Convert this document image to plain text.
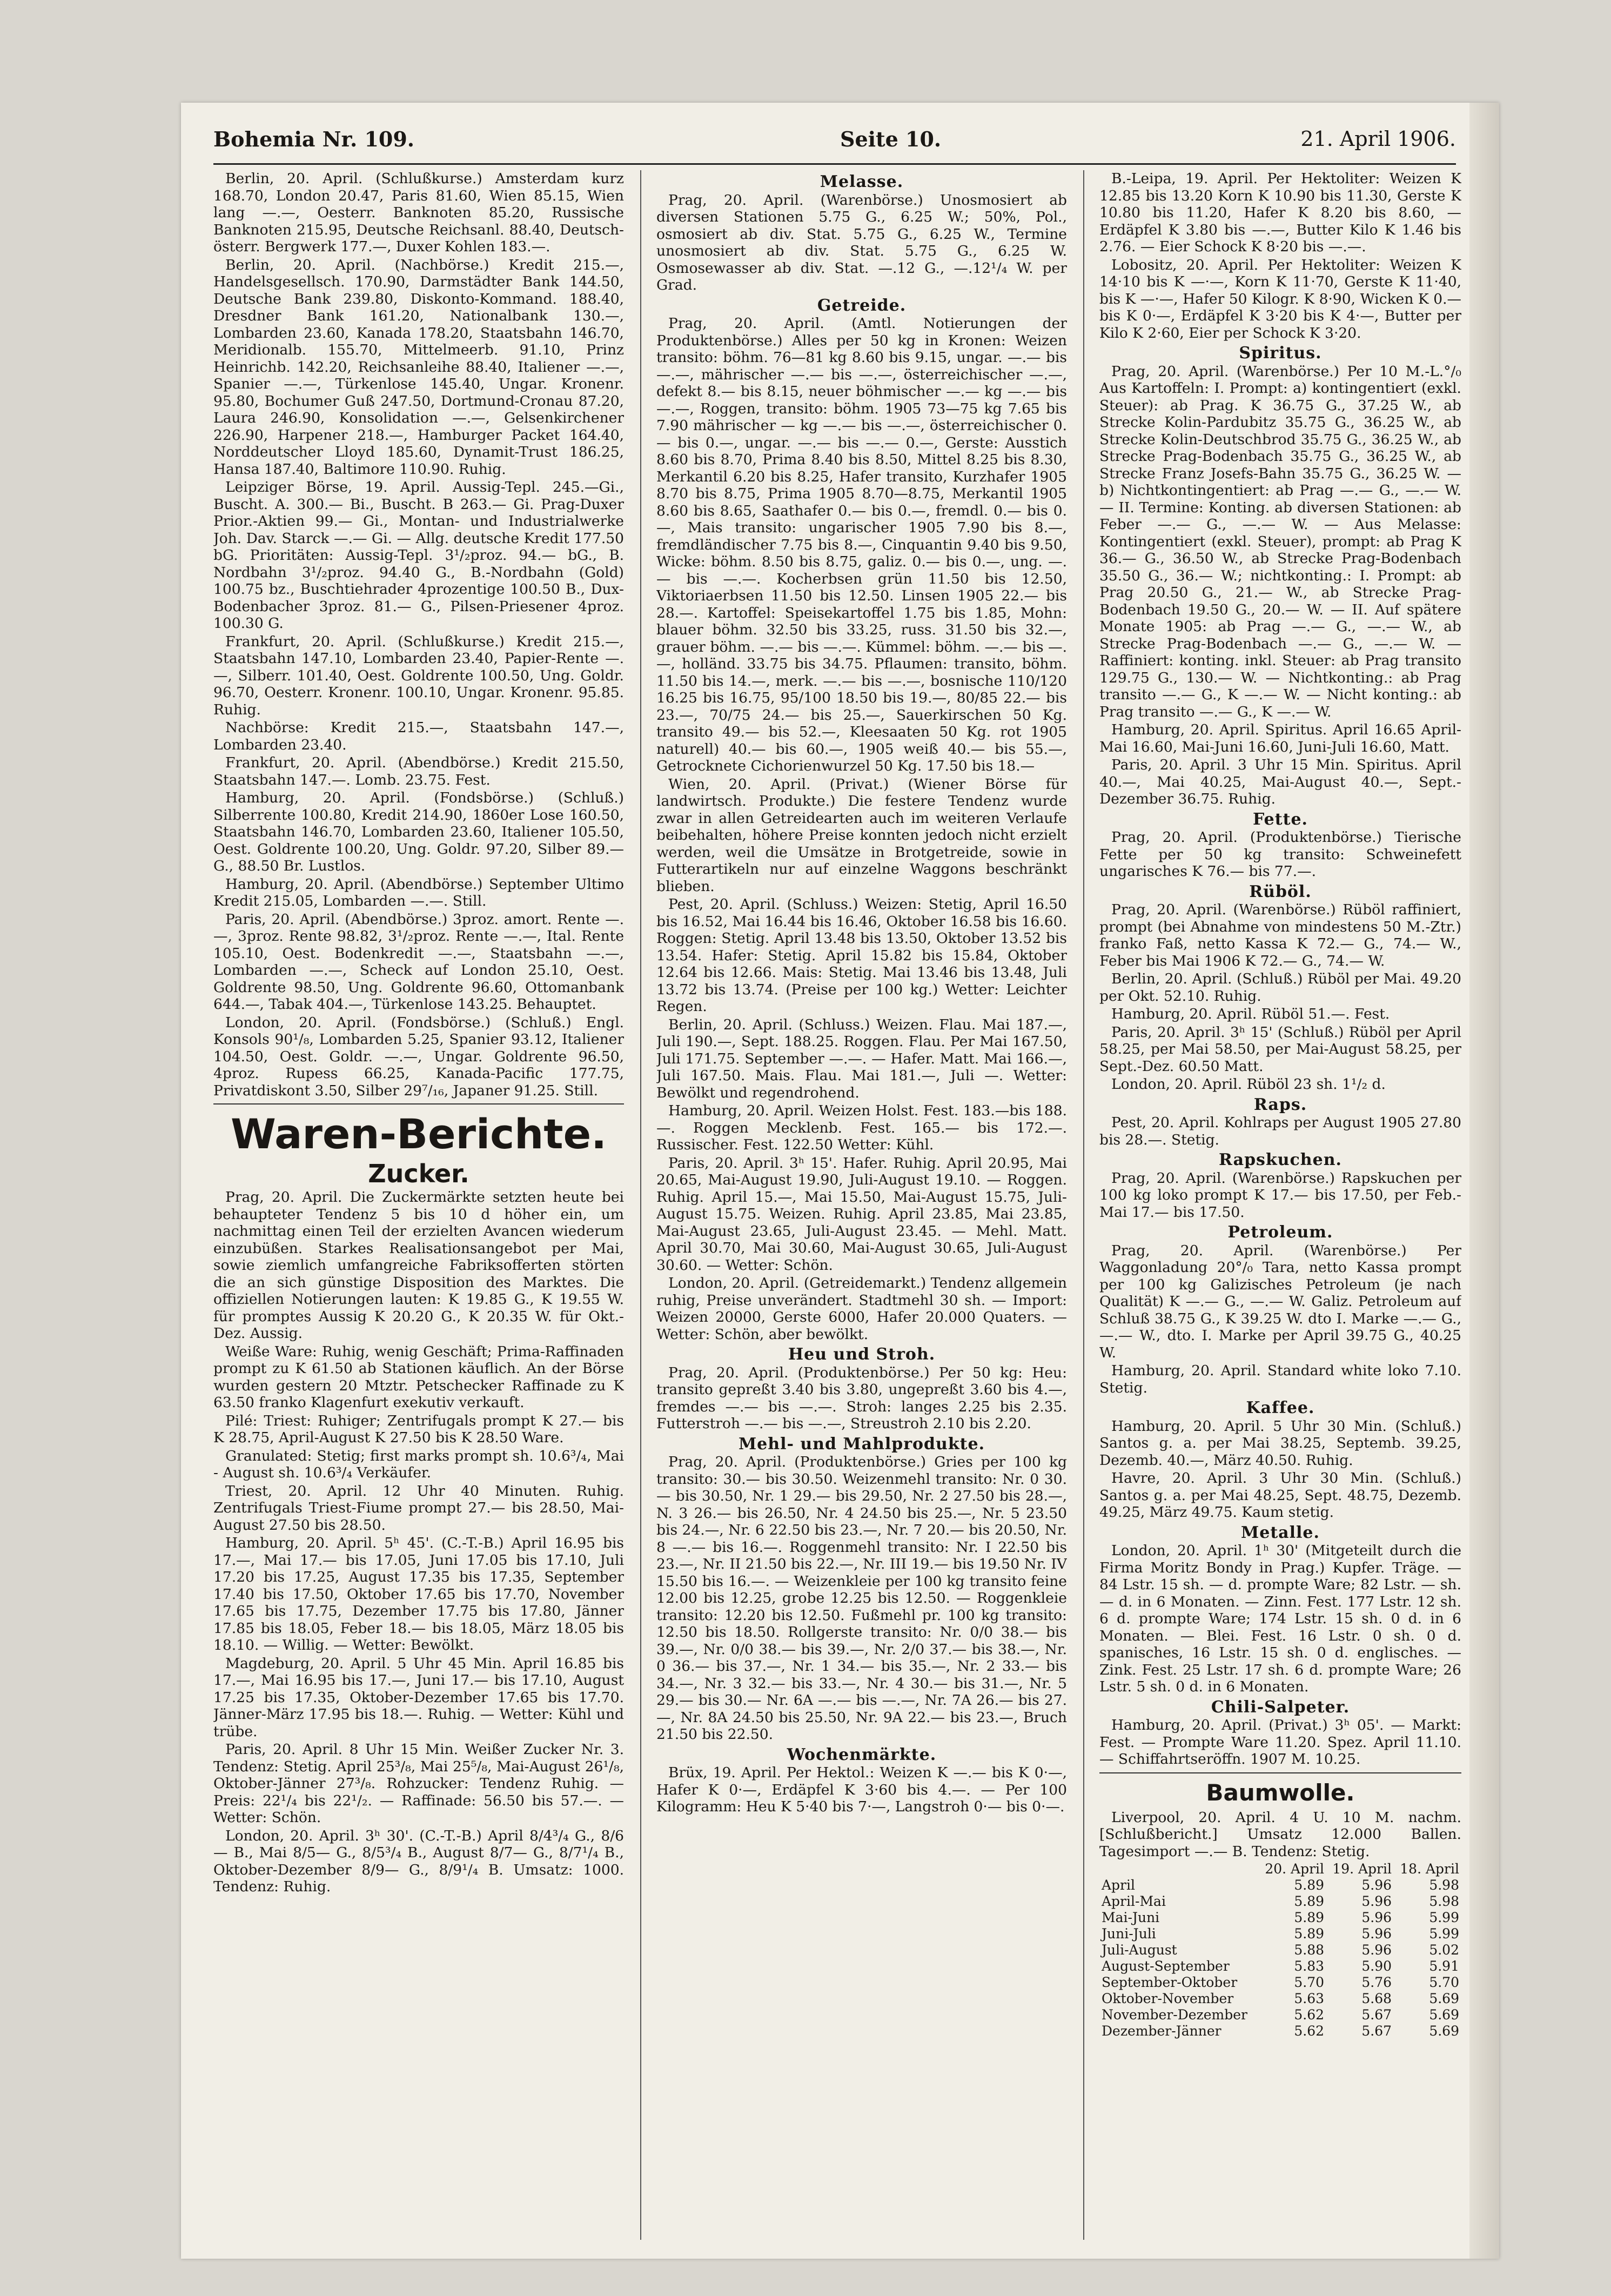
Bohemia Nr. 109.	Seite 10.	21. April 1906.

Berlin, 20. April. (Schlußkurse.) Amsterdam kurz 168.70, London 20.47, Paris 81.60, Wien 85.15, Wien lang —.—, Oesterr. Banknoten 85.20, Russische Banknoten 215.95, Deutsche Reichsanl. 88.40, Deutsch-österr. Bergwerk 177.—, Duxer Kohlen 183.—.

Berlin, 20. April. (Nachbörse.) Kredit 215.—, Handelsgesellsch. 170.90, Darmstädter Bank 144.50, Deutsche Bank 239.80, Diskonto-Kommand. 188.40, Dresdner Bank 161.20, Nationalbank 130.—, Lombarden 23.60, Kanada 178.20, Staatsbahn 146.70, Meridionalb. 155.70, Mittelmeerb. 91.10, Prinz Heinrichb. 142.20, Reichsanleihe 88.40, Italiener —.—, Spanier —.—, Türkenlose 145.40, Ungar. Kronenr. 95.80, Bochumer Guß 247.50, Dortmund-Cronau 87.20, Laura 246.90, Konsolidation —.—, Gelsenkirchener 226.90, Harpener 218.—, Hamburger Packet 164.40, Norddeutscher Lloyd 185.60, Dynamit-Trust 186.25, Hansa 187.40, Baltimore 110.90. Ruhig.

Leipziger Börse, 19. April. Aussig-Tepl. 245.—Gi., Buscht. A. 300.— Bi., Buscht. B 263.— Gi. Prag-Duxer Prior.-Aktien 99.— Gi., Montan- und Industrialwerke Joh. Dav. Starck —.— Gi. — Allg. deutsche Kredit 177.50 bG. Prioritäten: Aussig-Tepl. 3¹/₂proz. 94.— bG., B. Nordbahn 3¹/₂proz. 94.40 G., B.-Nordbahn (Gold) 100.75 bz., Buschtiehrader 4prozentige 100.50 B., Dux-Bodenbacher 3proz. 81.— G., Pilsen-Priesener 4proz. 100.30 G.

Frankfurt, 20. April. (Schlußkurse.) Kredit 215.—, Staatsbahn 147.10, Lombarden 23.40, Papier-Rente —.—, Silberr. 101.40, Oest. Goldrente 100.50, Ung. Goldr. 96.70, Oesterr. Kronenr. 100.10, Ungar. Kronenr. 95.85. Ruhig.

Nachbörse: Kredit 215.—, Staatsbahn 147.—, Lombarden 23.40.

Frankfurt, 20. April. (Abendbörse.) Kredit 215.50, Staatsbahn 147.—. Lomb. 23.75. Fest.

Hamburg, 20. April. (Fondsbörse.) (Schluß.) Silberrente 100.80, Kredit 214.90, 1860er Lose 160.50, Staatsbahn 146.70, Lombarden 23.60, Italiener 105.50, Oest. Goldrente 100.20, Ung. Goldr. 97.20, Silber 89.— G., 88.50 Br. Lustlos.

Hamburg, 20. April. (Abendbörse.) September Ultimo Kredit 215.05, Lombarden —.—. Still.

Paris, 20. April. (Abendbörse.) 3proz. amort. Rente —.—, 3proz. Rente 98.82, 3¹/₂proz. Rente —.—, Ital. Rente 105.10, Oest. Bodenkredit —.—, Staatsbahn —.—, Lombarden —.—, Scheck auf London 25.10, Oest. Goldrente 98.50, Ung. Goldrente 96.60, Ottomanbank 644.—, Tabak 404.—, Türkenlose 143.25. Behauptet.

London, 20. April. (Fondsbörse.) (Schluß.) Engl. Konsols 90¹/₈, Lombarden 5.25, Spanier 93.12, Italiener 104.50, Oest. Goldr. —.—, Ungar. Goldrente 96.50, 4proz. Rupess 66.25, Kanada-Pacific 177.75, Privatdiskont 3.50, Silber 29⁷/₁₆, Japaner 91.25. Still.

Waren-Berichte.
Zucker.

Prag, 20. April. Die Zuckermärkte setzten heute bei behaupteter Tendenz 5 bis 10 d höher ein, um nachmittag einen Teil der erzielten Avancen wiederum einzubüßen. Starkes Realisationsangebot per Mai, sowie ziemlich umfangreiche Fabriksofferten störten die an sich günstige Disposition des Marktes. Die offiziellen Notierungen lauten: K 19.85 G., K 19.55 W. für promptes Aussig K 20.20 G., K 20.35 W. für Okt.-Dez. Aussig.

Weiße Ware: Ruhig, wenig Geschäft; Prima-Raffinaden prompt zu K 61.50 ab Stationen käuflich. An der Börse wurden gestern 20 Mtztr. Petschecker Raffinade zu K 63.50 franko Klagenfurt exekutiv verkauft.

Pilé: Triest: Ruhiger; Zentrifugals prompt K 27.— bis K 28.75, April-August K 27.50 bis K 28.50 Ware.

Granulated: Stetig; first marks prompt sh. 10.6³/₄, Mai - August sh. 10.6³/₄ Verkäufer.

Triest, 20. April. 12 Uhr 40 Minuten. Ruhig. Zentrifugals Triest-Fiume prompt 27.— bis 28.50, Mai-August 27.50 bis 28.50.

Hamburg, 20. April. 5ʰ 45'. (C.-T.-B.) April 16.95 bis 17.—, Mai 17.— bis 17.05, Juni 17.05 bis 17.10, Juli 17.20 bis 17.25, August 17.35 bis 17.35, September 17.40 bis 17.50, Oktober 17.65 bis 17.70, November 17.65 bis 17.75, Dezember 17.75 bis 17.80, Jänner 17.85 bis 18.05, Feber 18.— bis 18.05, März 18.05 bis 18.10. — Willig. — Wetter: Bewölkt.

Magdeburg, 20. April. 5 Uhr 45 Min. April 16.85 bis 17.—, Mai 16.95 bis 17.—, Juni 17.— bis 17.10, August 17.25 bis 17.35, Oktober-Dezember 17.65 bis 17.70. Jänner-März 17.95 bis 18.—. Ruhig. — Wetter: Kühl und trübe.

Paris, 20. April. 8 Uhr 15 Min. Weißer Zucker Nr. 3. Tendenz: Stetig. April 25³/₈, Mai 25⁵/₈, Mai-August 26¹/₈, Oktober-Jänner 27³/₈. Rohzucker: Tendenz Ruhig. — Preis: 22¹/₄ bis 22¹/₂. — Raffinade: 56.50 bis 57.—. — Wetter: Schön.

London, 20. April. 3ʰ 30'. (C.-T.-B.) April 8/4³/₄ G., 8/6— B., Mai 8/5— G., 8/5³/₄ B., August 8/7— G., 8/7¹/₄ B., Oktober-Dezember 8/9— G., 8/9¹/₄ B. Umsatz: 1000. Tendenz: Ruhig.

Melasse.

Prag, 20. April. (Warenbörse.) Unosmosiert ab diversen Stationen 5.75 G., 6.25 W.; 50%, Pol., osmosiert ab div. Stat. 5.75 G., 6.25 W., Termine unosmosiert ab div. Stat. 5.75 G., 6.25 W. Osmosewasser ab div. Stat. —.12 G., —.12¹/₄ W. per Grad.

Getreide.

Prag, 20. April. (Amtl. Notierungen der Produktenbörse.) Alles per 50 kg in Kronen: Weizen transito: böhm. 76—81 kg 8.60 bis 9.15, ungar. —.— bis —.—, mährischer —.— bis —.—, österreichischer —.—, defekt 8.— bis 8.15, neuer böhmischer —.— kg —.— bis —.—, Roggen, transito: böhm. 1905 73—75 kg 7.65 bis 7.90 mährischer — kg —.— bis —.—, österreichischer 0.— bis 0.—, ungar. —.— bis —.— 0.—, Gerste: Ausstich 8.60 bis 8.70, Prima 8.40 bis 8.50, Mittel 8.25 bis 8.30, Merkantil 6.20 bis 8.25, Hafer transito, Kurzhafer 1905 8.70 bis 8.75, Prima 1905 8.70—8.75, Merkantil 1905 8.60 bis 8.65, Saathafer 0.— bis 0.—, fremdl. 0.— bis 0.—, Mais transito: ungarischer 1905 7.90 bis 8.—, fremdländischer 7.75 bis 8.—, Cinquantin 9.40 bis 9.50, Wicke: böhm. 8.50 bis 8.75, galiz. 0.— bis 0.—, ung. —.— bis —.—. Kocherbsen grün 11.50 bis 12.50, Viktoriaerbsen 11.50 bis 12.50. Linsen 1905 22.— bis 28.—. Kartoffel: Speisekartoffel 1.75 bis 1.85, Mohn: blauer böhm. 32.50 bis 33.25, russ. 31.50 bis 32.—, grauer böhm. —.— bis —.—. Kümmel: böhm. —.— bis —.—, holländ. 33.75 bis 34.75. Pflaumen: transito, böhm. 11.50 bis 14.—, merk. —.— bis —.—, bosnische 110/120 16.25 bis 16.75, 95/100 18.50 bis 19.—, 80/85 22.— bis 23.—, 70/75 24.— bis 25.—, Sauerkirschen 50 Kg. transito 49.— bis 52.—, Kleesaaten 50 Kg. rot 1905 naturell) 40.— bis 60.—, 1905 weiß 40.— bis 55.—, Getrocknete Cichorienwurzel 50 Kg. 17.50 bis 18.—

Wien, 20. April. (Privat.) (Wiener Börse für landwirtsch. Produkte.) Die festere Tendenz wurde zwar in allen Getreidearten auch im weiteren Verlaufe beibehalten, höhere Preise konnten jedoch nicht erzielt werden, weil die Umsätze in Brotgetreide, sowie in Futterartikeln nur auf einzelne Waggons beschränkt blieben.

Pest, 20. April. (Schluss.) Weizen: Stetig, April 16.50 bis 16.52, Mai 16.44 bis 16.46, Oktober 16.58 bis 16.60. Roggen: Stetig. April 13.48 bis 13.50, Oktober 13.52 bis 13.54. Hafer: Stetig. April 15.82 bis 15.84, Oktober 12.64 bis 12.66. Mais: Stetig. Mai 13.46 bis 13.48, Juli 13.72 bis 13.74. (Preise per 100 kg.) Wetter: Leichter Regen.

Berlin, 20. April. (Schluss.) Weizen. Flau. Mai 187.—, Juli 190.—, Sept. 188.25. Roggen. Flau. Per Mai 167.50, Juli 171.75. September —.—. — Hafer. Matt. Mai 166.—, Juli 167.50. Mais. Flau. Mai 181.—, Juli —. Wetter: Bewölkt und regendrohend.

Hamburg, 20. April. Weizen Holst. Fest. 183.—bis 188.—. Roggen Mecklenb. Fest. 165.— bis 172.—. Russischer. Fest. 122.50 Wetter: Kühl.

Paris, 20. April. 3ʰ 15'. Hafer. Ruhig. April 20.95, Mai 20.65, Mai-August 19.90, Juli-August 19.10. — Roggen. Ruhig. April 15.—, Mai 15.50, Mai-August 15.75, Juli-August 15.75. Weizen. Ruhig. April 23.85, Mai 23.85, Mai-August 23.65, Juli-August 23.45. — Mehl. Matt. April 30.70, Mai 30.60, Mai-August 30.65, Juli-August 30.60. — Wetter: Schön.

London, 20. April. (Getreidemarkt.) Tendenz allgemein ruhig, Preise unverändert. Stadtmehl 30 sh. — Import: Weizen 20000, Gerste 6000, Hafer 20.000 Quaters. — Wetter: Schön, aber bewölkt.

Heu und Stroh.

Prag, 20. April. (Produktenbörse.) Per 50 kg: Heu: transito gepreßt 3.40 bis 3.80, ungepreßt 3.60 bis 4.—, fremdes —.— bis —.—. Stroh: langes 2.25 bis 2.35. Futterstroh —.— bis —.—, Streustroh 2.10 bis 2.20.

Mehl- und Mahlprodukte.

Prag, 20. April. (Produktenbörse.) Gries per 100 kg transito: 30.— bis 30.50. Weizenmehl transito: Nr. 0 30.— bis 30.50, Nr. 1 29.— bis 29.50, Nr. 2 27.50 bis 28.—, N. 3 26.— bis 26.50, Nr. 4 24.50 bis 25.—, Nr. 5 23.50 bis 24.—, Nr. 6 22.50 bis 23.—, Nr. 7 20.— bis 20.50, Nr. 8 —.— bis 16.—. Roggenmehl transito: Nr. I 22.50 bis 23.—, Nr. II 21.50 bis 22.—, Nr. III 19.— bis 19.50 Nr. IV 15.50 bis 16.—. — Weizenkleie per 100 kg transito feine 12.00 bis 12.25, grobe 12.25 bis 12.50. — Roggenkleie transito: 12.20 bis 12.50. Fußmehl pr. 100 kg transito: 12.50 bis 18.50. Rollgerste transito: Nr. 0/0 38.— bis 39.—, Nr. 0/0 38.— bis 39.—, Nr. 2/0 37.— bis 38.—, Nr. 0 36.— bis 37.—, Nr. 1 34.— bis 35.—, Nr. 2 33.— bis 34.—, Nr. 3 32.— bis 33.—, Nr. 4 30.— bis 31.—, Nr. 5 29.— bis 30.— Nr. 6A —.— bis —.—, Nr. 7A 26.— bis 27.—, Nr. 8A 24.50 bis 25.50, Nr. 9A 22.— bis 23.—, Bruch 21.50 bis 22.50.

Wochenmärkte.

Brüx, 19. April. Per Hektol.: Weizen K —.— bis K 0·—, Hafer K 0·—, Erdäpfel K 3·60 bis 4.—. — Per 100 Kilogramm: Heu K 5·40 bis 7·—, Langstroh 0·— bis 0·—.

B.-Leipa, 19. April. Per Hektoliter: Weizen K 12.85 bis 13.20 Korn K 10.90 bis 11.30, Gerste K 10.80 bis 11.20, Hafer K 8.20 bis 8.60, — Erdäpfel K 3.80 bis —.—, Butter Kilo K 1.46 bis 2.76. — Eier Schock K 8·20 bis —.—.

Lobositz, 20. April. Per Hektoliter: Weizen K 14·10 bis K —·—, Korn K 11·70, Gerste K 11·40, bis K —·—, Hafer 50 Kilogr. K 8·90, Wicken K 0.— bis K 0·—, Erdäpfel K 3·20 bis K 4·—, Butter per Kilo K 2·60, Eier per Schock K 3·20.

Spiritus.

Prag, 20. April. (Warenbörse.) Per 10 M.-L.°/₀ Aus Kartoffeln: I. Prompt: a) kontingentiert (exkl. Steuer): ab Prag. K 36.75 G., 37.25 W., ab Strecke Kolin-Pardubitz 35.75 G., 36.25 W., ab Strecke Kolin-Deutschbrod 35.75 G., 36.25 W., ab Strecke Prag-Bodenbach 35.75 G., 36.25 W., ab Strecke Franz Josefs-Bahn 35.75 G., 36.25 W. — b) Nichtkontingentiert: ab Prag —.— G., —.— W. — II. Termine: Konting. ab diversen Stationen: ab Feber —.— G., —.— W. — Aus Melasse: Kontingentiert (exkl. Steuer), prompt: ab Prag K 36.— G., 36.50 W., ab Strecke Prag-Bodenbach 35.50 G., 36.— W.; nichtkonting.: I. Prompt: ab Prag 20.50 G., 21.— W., ab Strecke Prag-Bodenbach 19.50 G., 20.— W. — II. Auf spätere Monate 1905: ab Prag —.— G., —.— W., ab Strecke Prag-Bodenbach —.— G., —.— W. — Raffiniert: konting. inkl. Steuer: ab Prag transito 129.75 G., 130.— W. — Nichtkonting.: ab Prag transito —.— G., K —.— W. — Nicht konting.: ab Prag transito —.— G., K —.— W.

Hamburg, 20. April. Spiritus. April 16.65 April-Mai 16.60, Mai-Juni 16.60, Juni-Juli 16.60, Matt.

Paris, 20. April. 3 Uhr 15 Min. Spiritus. April 40.—, Mai 40.25, Mai-August 40.—, Sept.-Dezember 36.75. Ruhig.

Fette.

Prag, 20. April. (Produktenbörse.) Tierische Fette per 50 kg transito: Schweinefett ungarisches K 76.— bis 77.—.

Rüböl.

Prag, 20. April. (Warenbörse.) Rüböl raffiniert, prompt (bei Abnahme von mindestens 50 M.-Ztr.) franko Faß, netto Kassa K 72.— G., 74.— W., Feber bis Mai 1906 K 72.— G., 74.— W.

Berlin, 20. April. (Schluß.) Rüböl per Mai. 49.20 per Okt. 52.10. Ruhig.

Hamburg, 20. April. Rüböl 51.—. Fest.

Paris, 20. April. 3ʰ 15' (Schluß.) Rüböl per April 58.25, per Mai 58.50, per Mai-August 58.25, per Sept.-Dez. 60.50 Matt.

London, 20. April. Rüböl 23 sh. 1¹/₂ d.

Raps.

Pest, 20. April. Kohlraps per August 1905 27.80 bis 28.—. Stetig.

Rapskuchen.

Prag, 20. April. (Warenbörse.) Rapskuchen per 100 kg loko prompt K 17.— bis 17.50, per Feb.-Mai 17.— bis 17.50.

Petroleum.

Prag, 20. April. (Warenbörse.) Per Waggonladung 20°/₀ Tara, netto Kassa prompt per 100 kg Galizisches Petroleum (je nach Qualität) K —.— G., —.— W. Galiz. Petroleum auf Schluß 38.75 G., K 39.25 W. dto I. Marke —.— G., —.— W., dto. I. Marke per April 39.75 G., 40.25 W.

Hamburg, 20. April. Standard white loko 7.10. Stetig.

Kaffee.

Hamburg, 20. April. 5 Uhr 30 Min. (Schluß.) Santos g. a. per Mai 38.25, Septemb. 39.25, Dezemb. 40.—, März 40.50. Ruhig.

Havre, 20. April. 3 Uhr 30 Min. (Schluß.) Santos g. a. per Mai 48.25, Sept. 48.75, Dezemb. 49.25, März 49.75. Kaum stetig.

Metalle.

London, 20. April. 1ʰ 30' (Mitgeteilt durch die Firma Moritz Bondy in Prag.) Kupfer. Träge. — 84 Lstr. 15 sh. — d. prompte Ware; 82 Lstr. — sh. — d. in 6 Monaten. — Zinn. Fest. 177 Lstr. 12 sh. 6 d. prompte Ware; 174 Lstr. 15 sh. 0 d. in 6 Monaten. — Blei. Fest. 16 Lstr. 0 sh. 0 d. spanisches, 16 Lstr. 15 sh. 0 d. englisches. — Zink. Fest. 25 Lstr. 17 sh. 6 d. prompte Ware; 26 Lstr. 5 sh. 0 d. in 6 Monaten.

Chili-Salpeter.

Hamburg, 20. April. (Privat.) 3ʰ 05'. — Markt: Fest. — Prompte Ware 11.20. Spez. April 11.10. — Schiffahrtseröffn. 1907 M. 10.25.

Baumwolle.

Liverpool, 20. April. 4 U. 10 M. nachm. [Schlußbericht.] Umsatz 12.000 Ballen. Tagesimport —.— B. Tendenz: Stetig.

	20. April	19. April	18. April
April	5.89	5.96	5.98
April-Mai	5.89	5.96	5.98
Mai-Juni	5.89	5.96	5.99
Juni-Juli	5.89	5.96	5.99
Juli-August	5.88	5.96	5.02
August-September	5.83	5.90	5.91
September-Oktober	5.70	5.76	5.70
Oktober-November	5.63	5.68	5.69
November-Dezember	5.62	5.67	5.69
Dezember-Jänner	5.62	5.67	5.69
